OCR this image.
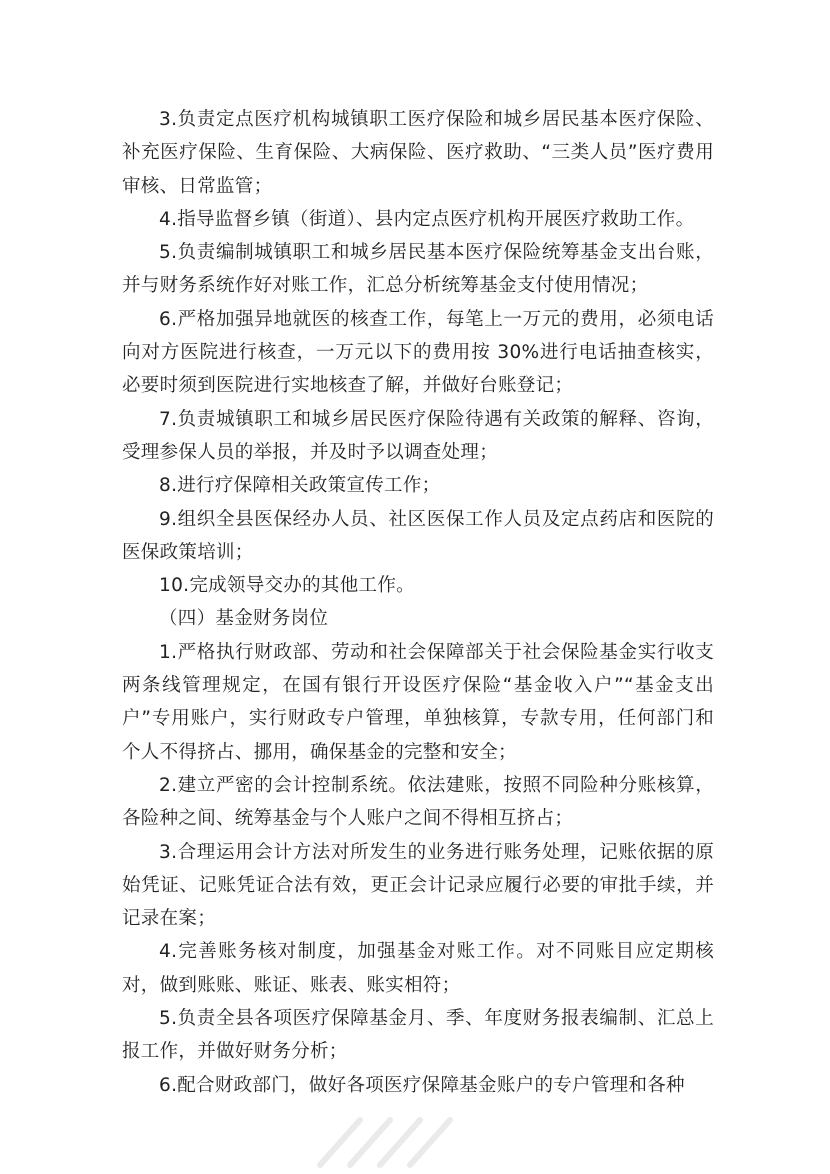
3.负责定点医疗机构城镇职工医疗保险和城乡居民基本医疗保险、补充医疗保险、生育保险、大病保险、医疗救助、“三类人员”医疗费用审核、日常监管；

4.指导监督乡镇（街道）、县内定点医疗机构开展医疗救助工作。

5.负责编制城镇职工和城乡居民基本医疗保险统筹基金支出台账，并与财务系统作好对账工作，汇总分析统筹基金支付使用情况；

6.严格加强异地就医的核查工作，每笔上一万元的费用，必须电话向对方医院进行核查，一万元以下的费用按 30%进行电话抽查核实，必要时须到医院进行实地核查了解，并做好台账登记；

7.负责城镇职工和城乡居民医疗保险待遇有关政策的解释、咨询，受理参保人员的举报，并及时予以调查处理；

8.进行疗保障相关政策宣传工作；

9.组织全县医保经办人员、社区医保工作人员及定点药店和医院的医保政策培训；

10.完成领导交办的其他工作。

（四）基金财务岗位

1.严格执行财政部、劳动和社会保障部关于社会保险基金实行收支两条线管理规定，在国有银行开设医疗保险“基金收入户”“基金支出户”专用账户，实行财政专户管理，单独核算，专款专用，任何部门和个人不得挤占、挪用，确保基金的完整和安全；

2.建立严密的会计控制系统。依法建账，按照不同险种分账核算，各险种之间、统筹基金与个人账户之间不得相互挤占；

3.合理运用会计方法对所发生的业务进行账务处理，记账依据的原始凭证、记账凭证合法有效，更正会计记录应履行必要的审批手续，并记录在案；

4.完善账务核对制度，加强基金对账工作。对不同账目应定期核对，做到账账、账证、账表、账实相符；

5.负责全县各项医疗保障基金月、季、年度财务报表编制、汇总上报工作，并做好财务分析；

6.配合财政部门，做好各项医疗保障基金账户的专户管理和各种
